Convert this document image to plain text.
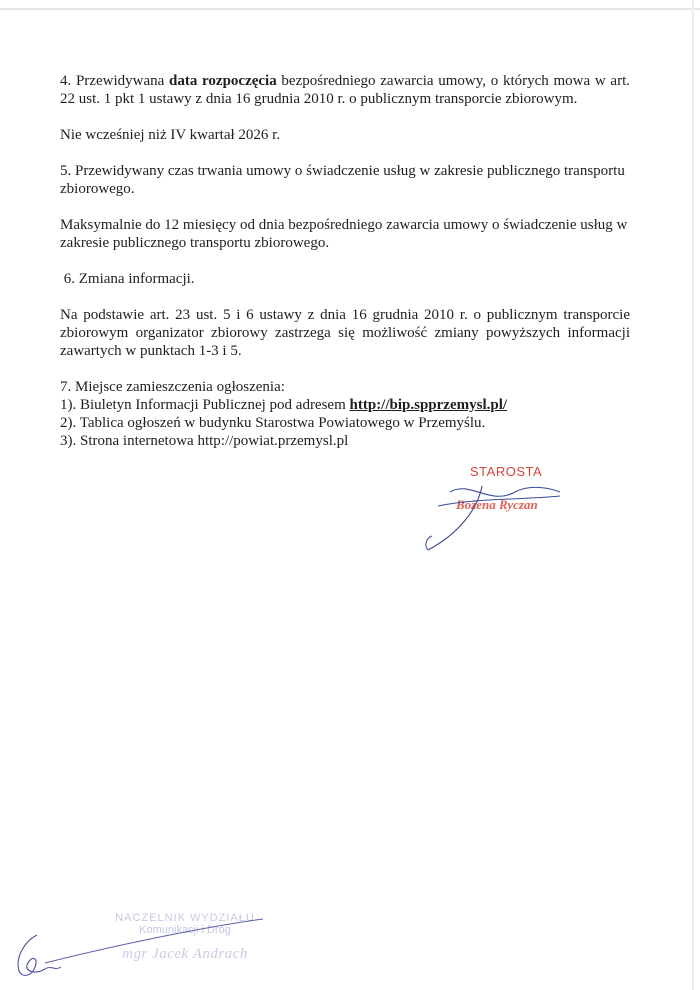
4. Przewidywana data rozpoczęcia bezpośredniego zawarcia umowy, o których mowa w art. 22 ust. 1 pkt 1 ustawy z dnia 16 grudnia 2010 r. o publicznym transporcie zbiorowym.

Nie wcześniej niż IV kwartał 2026 r.

5. Przewidywany czas trwania umowy o świadczenie usług w zakresie publicznego transportu zbiorowego.

Maksymalnie do 12 miesięcy od dnia bezpośredniego zawarcia umowy o świadczenie usług w zakresie publicznego transportu zbiorowego.

6. Zmiana informacji.

Na podstawie art. 23 ust. 5 i 6 ustawy z dnia 16 grudnia 2010 r. o publicznym transporcie zbiorowym organizator zbiorowy zastrzega się możliwość zmiany powyższych informacji zawartych w punktach 1-3 i 5.

7. Miejsce zamieszczenia ogłoszenia:
1). Biuletyn Informacji Publicznej pod adresem http://bip.spprzemysl.pl/
2). Tablica ogłoszeń w budynku Starostwa Powiatowego w Przemyślu.
3). Strona internetowa http://powiat.przemysl.pl
STAROSTA
Bożena Ryczan
NACZELNIK WYDZIAŁU
Komunikacji i Dróg
mgr Jacek Andrach
